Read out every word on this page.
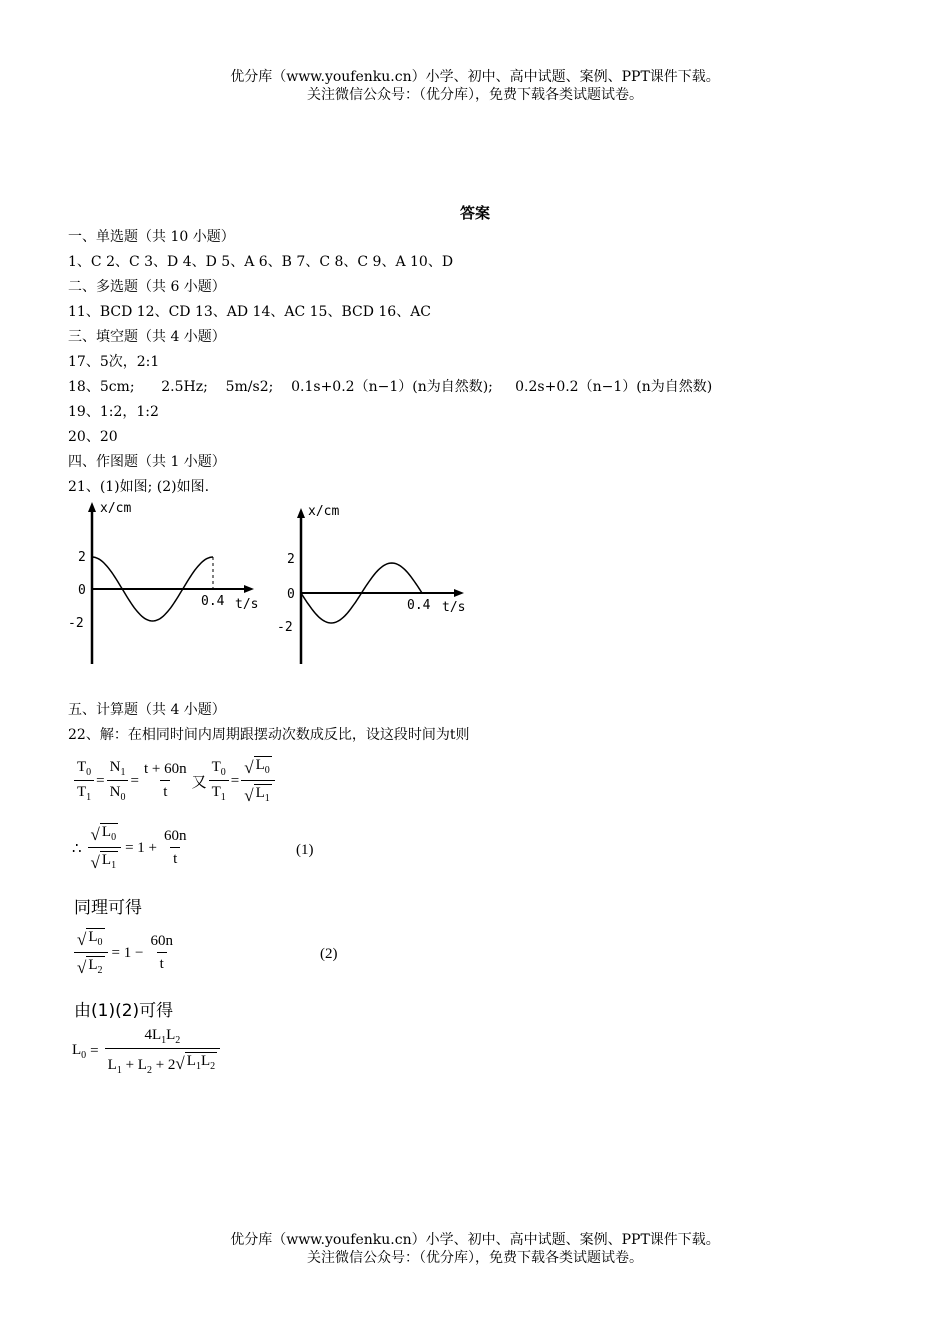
优分库（www.youfenku.cn）小学、初中、高中试题、案例、PPT课件下载。
关注微信公众号：（优分库），免费下载各类试题试卷。
答案
一、单选题（共 10 小题）
1、C 2、C 3、D 4、D 5、A 6、B 7、C 8、C 9、A 10、D
二、多选题（共 6 小题）
11、BCD 12、CD 13、AD 14、AC 15、BCD 16、AC
三、填空题（共 4 小题）
17、5次，2:1
18、5cm;      2.5Hz;    5m/s2;    0.1s+0.2（n−1）(n为自然数);     0.2s+0.2（n−1）(n为自然数)
19、1:2，1:2
20、20
四、作图题（共 1 小题）
21、(1)如图; (2)如图.
x/cm
t/s
2
0
-2
0.4
x/cm
t/s
2
0
-2
0.4
五、计算题（共 4 小题）
22、解：在相同时间内周期跟摆动次数成反比，设这段时间为t则
$\frac{T_0}{T_1} = \frac{N_1}{N_0} = \frac{t + 60n}{t}$ 又 $\frac{T_0}{T_1} = \frac{√ L_0}{√ L_1}$
∴ $\frac{√ L_0}{√ L_1} = 1 + \frac{60n}{t}$	(1)
同理可得
$\frac{√ L_0}{√ L_2} = 1 - \frac{60n}{t}$	(2)
由(1)(2)可得
$L_0 = \frac{4L_1L_2}{L_1 + L_2 + 2 √ L_1L_2}$
优分库（www.youfenku.cn）小学、初中、高中试题、案例、PPT课件下载。
关注微信公众号：（优分库），免费下载各类试题试卷。
